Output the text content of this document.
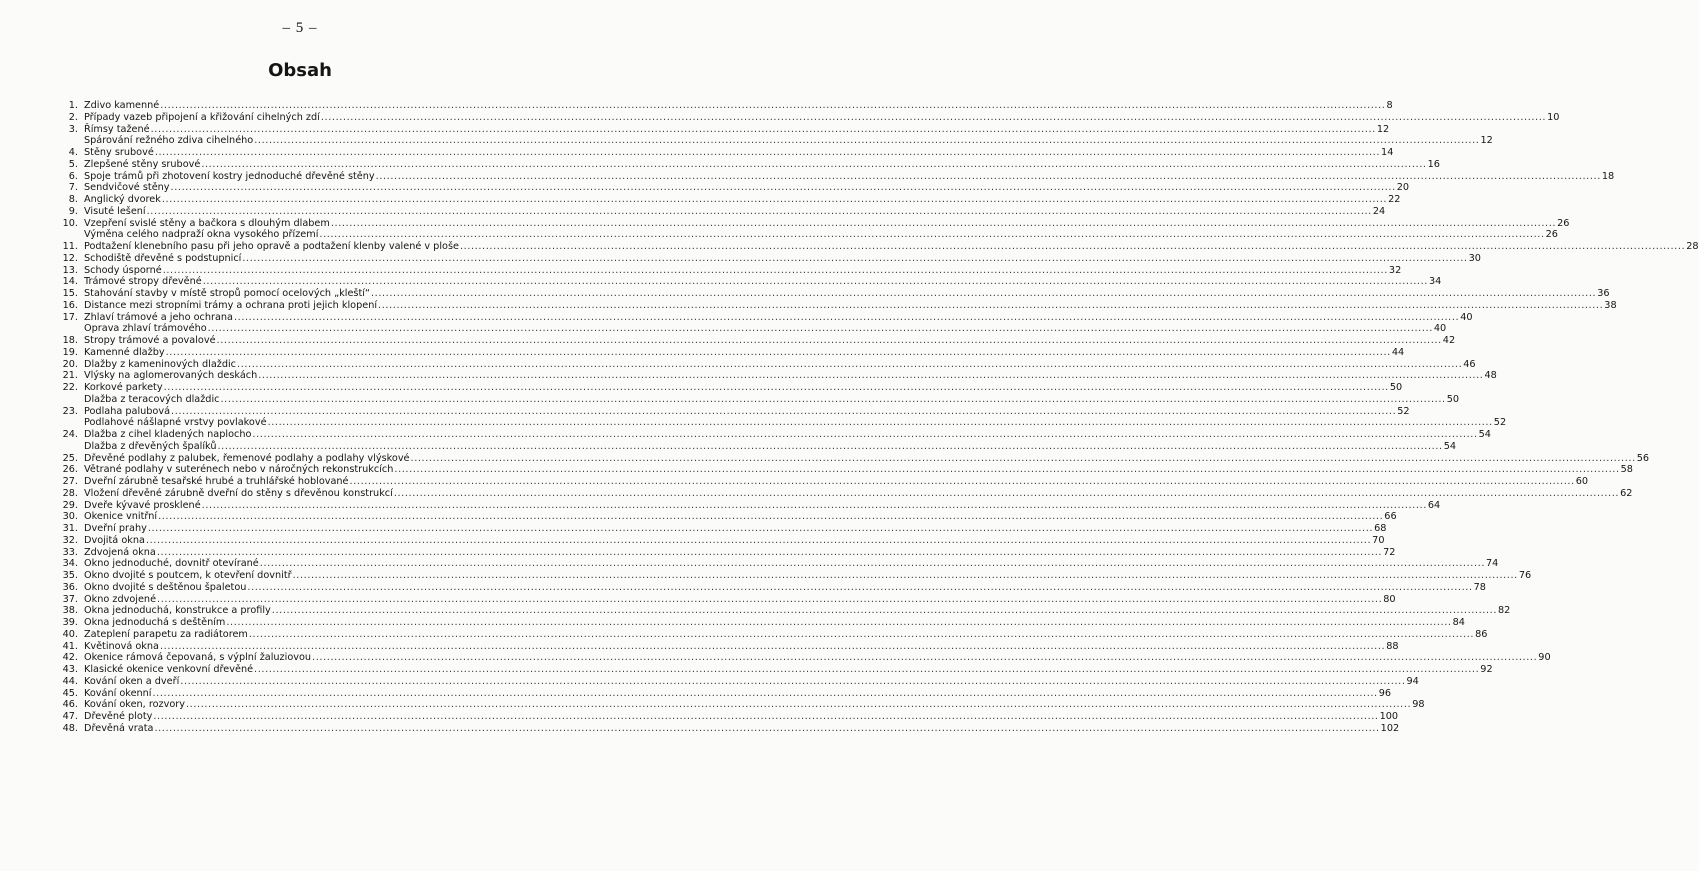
– 5 –
Obsah
1. Zdivo kamenné .....	8
2. Případy vazeb připojení a křižování cihelných zdí .....	10
3. Římsy tažené .....	12
Spárování režného zdiva cihelného .....	12
4. Stěny srubové .....	14
5. Zlepšené stěny srubové .....	16
6. Spoje trámů při zhotovení kostry jednoduché dřevěné stěny .....	18
7. Sendvičové stěny .....	20
8. Anglický dvorek .....	22
9. Visuté lešení .....	24
10. Vzepření svislé stěny a bačkora s dlouhým dlabem .....	26
Výměna celého nadpraží okna vysokého přízemí .....	26
11. Podtažení klenebního pasu při jeho opravě a podtažení klenby valené v ploše .....	28
12. Schodiště dřevěné s podstupnicí .....	30
13. Schody úsporné .....	32
14. Trámové stropy dřevěné .....	34
15. Stahování stavby v místě stropů pomocí ocelových „kleští“ .....	36
16. Distance mezi stropními trámy a ochrana proti jejich klopení .....	38
17. Zhlaví trámové a jeho ochrana .....	40
Oprava zhlaví trámového .....	40
18. Stropy trámové a povalové .....	42
19. Kamenné dlažby .....	44
20. Dlažby z kameninových dlaždic .....	46
21. Vlýsky na aglomerovaných deskách .....	48
22. Korkové parkety .....	50
Dlažba z teracových dlaždic .....	50
23. Podlaha palubová .....	52
Podlahové nášlapné vrstvy povlakové .....	52
24. Dlažba z cihel kladených naplocho .....	54
Dlažba z dřevěných špalíků .....	54
25. Dřevěné podlahy z palubek, řemenové podlahy a podlahy vlýskové .....	56
26. Větrané podlahy v suterénech nebo v náročných rekonstrukcích .....	58
27. Dveřní zárubně tesařské hrubé a truhlářské hoblované .....	60
28. Vložení dřevěné zárubně dveřní do stěny s dřevěnou konstrukcí .....	62
29. Dveře kývavé prosklené .....	64
30. Okenice vnitřní .....	66
31. Dveřní prahy .....	68
32. Dvojitá okna .....	70
33. Zdvojená okna .....	72
34. Okno jednoduché, dovnitř otevírané .....	74
35. Okno dvojité s poutcem, k otevření dovnitř .....	76
36. Okno dvojité s deštěnou špaletou .....	78
37. Okno zdvojené .....	80
38. Okna jednoduchá, konstrukce a profily .....	82
39. Okna jednoduchá s deštěním .....	84
40. Zateplení parapetu za radiátorem .....	86
41. Květinová okna .....	88
42. Okenice rámová čepovaná, s výplní žaluziovou .....	90
43. Klasické okenice venkovní dřevěné .....	92
44. Kování oken a dveří .....	94
45. Kování okenní .....	96
46. Kování oken, rozvory .....	98
47. Dřevěné ploty .....	100
48. Dřevěná vrata .....	102
